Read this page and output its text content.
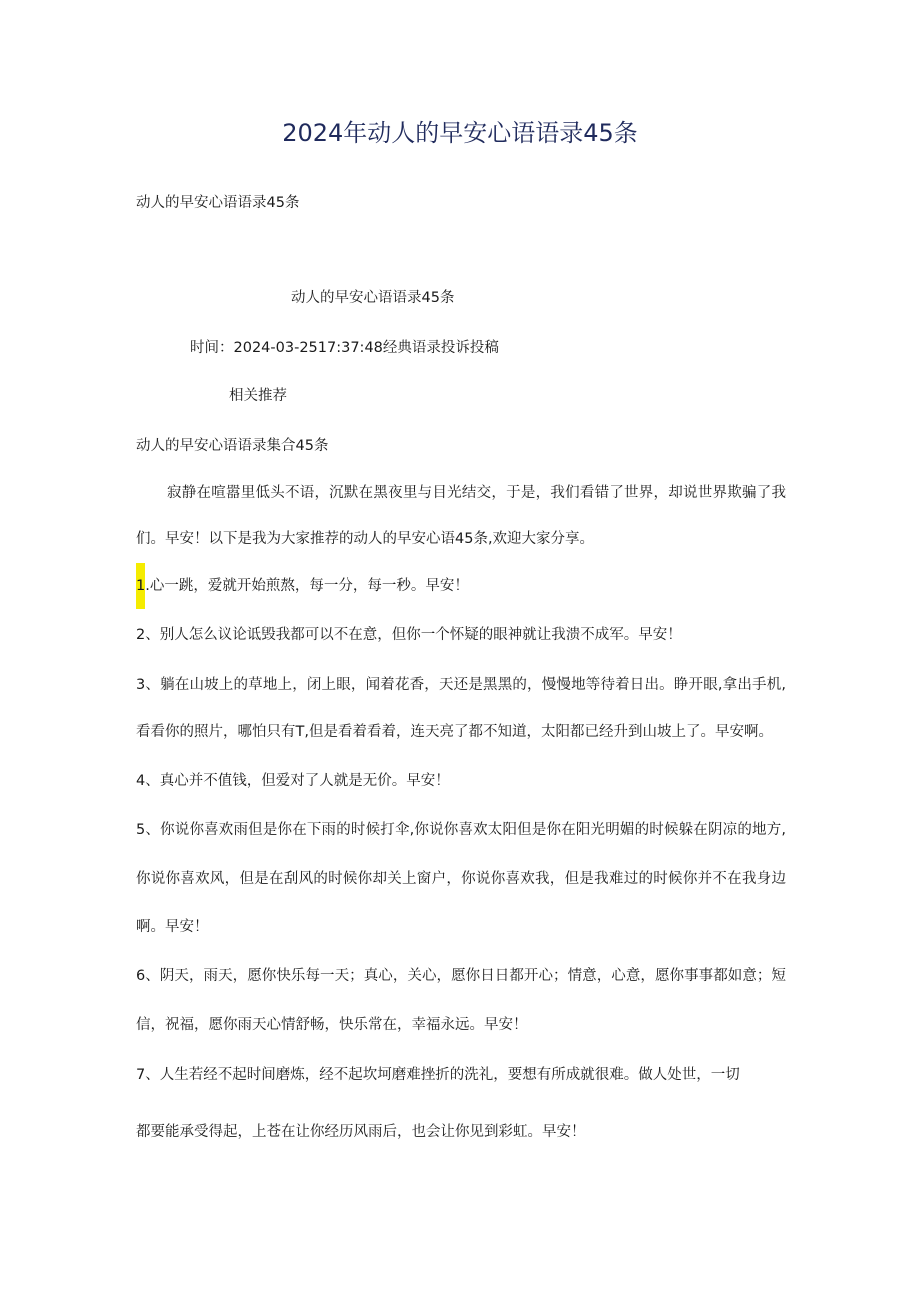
2024年动人的早安心语语录45条

动人的早安心语语录45条

动人的早安心语语录45条

时间：2024-03-2517:37:48经典语录投诉投稿

相关推荐

动人的早安心语语录集合45条

寂静在喧嚣里低头不语，沉默在黑夜里与目光结交，于是，我们看错了世界，却说世界欺骗了我

们。早安！以下是我为大家推荐的动人的早安心语45条,欢迎大家分享。

1.心一跳，爱就开始煎熬，每一分，每一秒。早安！

2、别人怎么议论诋毁我都可以不在意，但你一个怀疑的眼神就让我溃不成军。早安！

3、躺在山坡上的草地上，闭上眼，闻着花香，天还是黑黑的，慢慢地等待着日出。睁开眼,拿出手机,

看看你的照片，哪怕只有T,但是看着看着，连天亮了都不知道，太阳都已经升到山坡上了。早安啊。

4、真心并不值钱，但爱对了人就是无价。早安！

5、你说你喜欢雨但是你在下雨的时候打伞,你说你喜欢太阳但是你在阳光明媚的时候躲在阴凉的地方,

你说你喜欢风，但是在刮风的时候你却关上窗户，你说你喜欢我，但是我难过的时候你并不在我身边

啊。早安！

6、阴天，雨天，愿你快乐每一天；真心，关心，愿你日日都开心；情意，心意，愿你事事都如意；短

信，祝福，愿你雨天心情舒畅，快乐常在，幸福永远。早安！

7、人生若经不起时间磨炼，经不起坎坷磨难挫折的洗礼，要想有所成就很难。做人处世，一切

都要能承受得起，上苍在让你经历风雨后，也会让你见到彩虹。早安！
